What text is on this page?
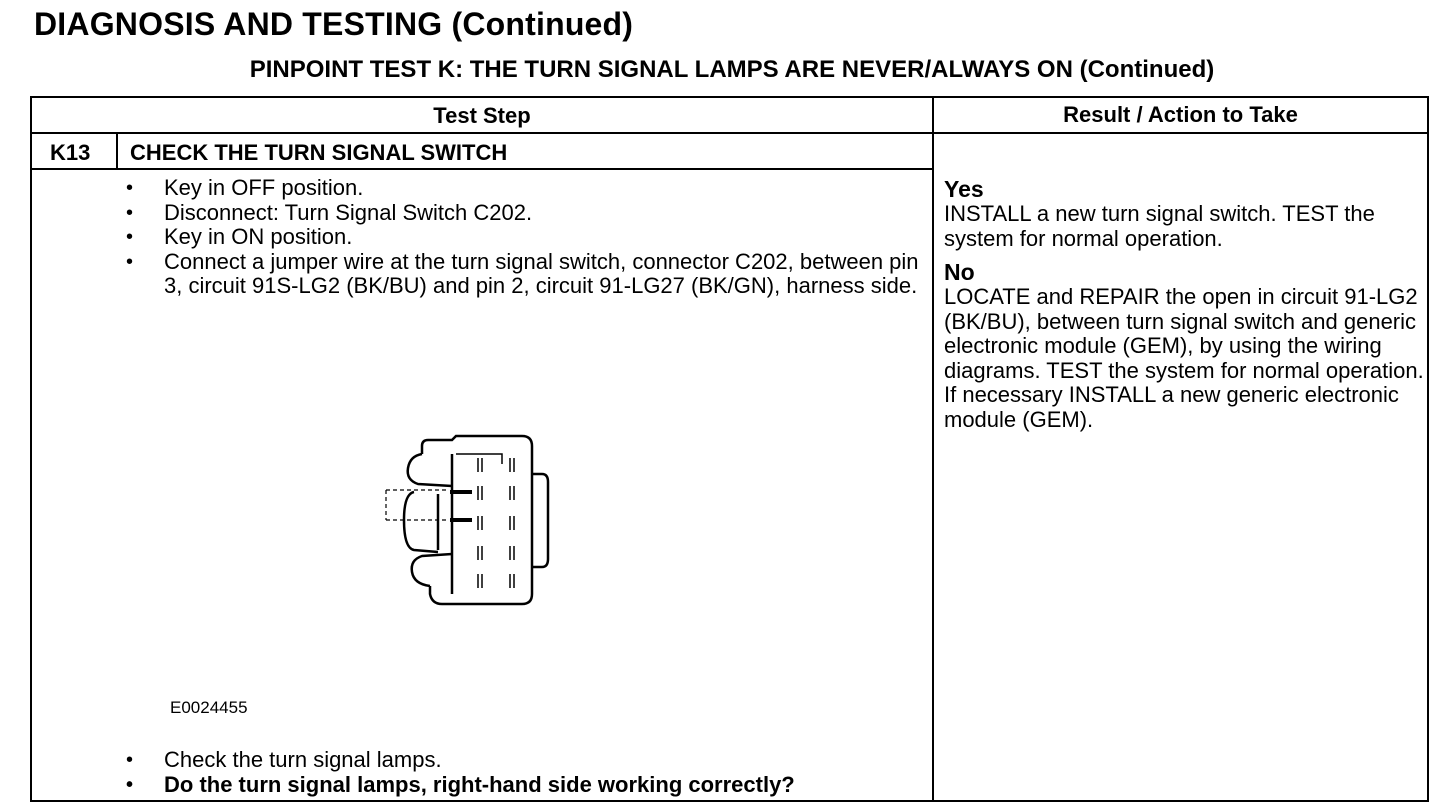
DIAGNOSIS AND TESTING (Continued)
PINPOINT TEST K: THE TURN SIGNAL LAMPS ARE NEVER/ALWAYS ON (Continued)
Test Step	Result / Action to Take
K13 CHECK THE TURN SIGNAL SWITCH
• Key in OFF position.
• Disconnect: Turn Signal Switch C202.
• Key in ON position.
• Connect a jumper wire at the turn signal switch, connector C202, between pin 3, circuit 91S-LG2 (BK/BU) and pin 2, circuit 91-LG27 (BK/GN), harness side.
E0024455
• Check the turn signal lamps.
• Do the turn signal lamps, right-hand side working correctly?
Yes
INSTALL a new turn signal switch. TEST the system for normal operation.
No
LOCATE and REPAIR the open in circuit 91-LG2 (BK/BU), between turn signal switch and generic electronic module (GEM), by using the wiring diagrams. TEST the system for normal operation. If necessary INSTALL a new generic electronic module (GEM).
